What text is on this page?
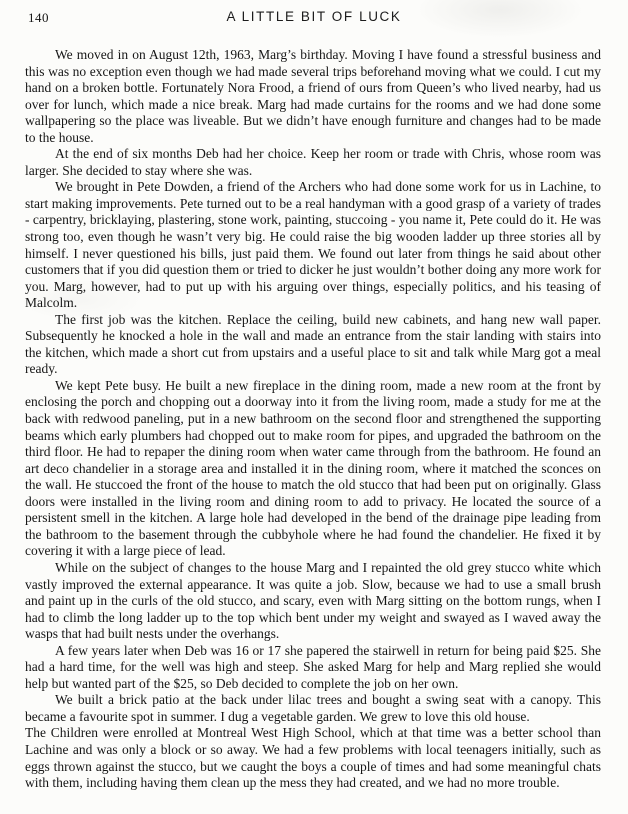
140	A LITTLE BIT OF LUCK

We moved in on August 12th, 1963, Marg’s birthday. Moving I have found a stressful business and this was no exception even though we had made several trips beforehand moving what we could. I cut my hand on a broken bottle. Fortunately Nora Frood, a friend of ours from Queen’s who lived nearby, had us over for lunch, which made a nice break. Marg had made curtains for the rooms and we had done some wallpapering so the place was liveable. But we didn’t have enough furniture and changes had to be made to the house.

At the end of six months Deb had her choice. Keep her room or trade with Chris, whose room was larger. She decided to stay where she was.

We brought in Pete Dowden, a friend of the Archers who had done some work for us in Lachine, to start making improvements. Pete turned out to be a real handyman with a good grasp of a variety of trades - carpentry, bricklaying, plastering, stone work, painting, stuccoing - you name it, Pete could do it. He was strong too, even though he wasn’t very big. He could raise the big wooden ladder up three stories all by himself. I never questioned his bills, just paid them. We found out later from things he said about other customers that if you did question them or tried to dicker he just wouldn’t bother doing any more work for you. Marg, however, had to put up with his arguing over things, especially politics, and his teasing of Malcolm.

The first job was the kitchen. Replace the ceiling, build new cabinets, and hang new wall paper. Subsequently he knocked a hole in the wall and made an entrance from the stair landing with stairs into the kitchen, which made a short cut from upstairs and a useful place to sit and talk while Marg got a meal ready.

We kept Pete busy. He built a new fireplace in the dining room, made a new room at the front by enclosing the porch and chopping out a doorway into it from the living room, made a study for me at the back with redwood paneling, put in a new bathroom on the second floor and strengthened the supporting beams which early plumbers had chopped out to make room for pipes, and upgraded the bathroom on the third floor. He had to repaper the dining room when water came through from the bathroom. He found an art deco chandelier in a storage area and installed it in the dining room, where it matched the sconces on the wall. He stuccoed the front of the house to match the old stucco that had been put on originally. Glass doors were installed in the living room and dining room to add to privacy. He located the source of a persistent smell in the kitchen. A large hole had developed in the bend of the drainage pipe leading from the bathroom to the basement through the cubbyhole where he had found the chandelier. He fixed it by covering it with a large piece of lead.

While on the subject of changes to the house Marg and I repainted the old grey stucco white which vastly improved the external appearance. It was quite a job. Slow, because we had to use a small brush and paint up in the curls of the old stucco, and scary, even with Marg sitting on the bottom rungs, when I had to climb the long ladder up to the top which bent under my weight and swayed as I waved away the wasps that had built nests under the overhangs.

A few years later when Deb was 16 or 17 she papered the stairwell in return for being paid $25. She had a hard time, for the well was high and steep. She asked Marg for help and Marg replied she would help but wanted part of the $25, so Deb decided to complete the job on her own.

We built a brick patio at the back under lilac trees and bought a swing seat with a canopy. This became a favourite spot in summer. I dug a vegetable garden. We grew to love this old house.

The Children were enrolled at Montreal West High School, which at that time was a better school than Lachine and was only a block or so away. We had a few problems with local teenagers initially, such as eggs thrown against the stucco, but we caught the boys a couple of times and had some meaningful chats with them, including having them clean up the mess they had created, and we had no more trouble.
